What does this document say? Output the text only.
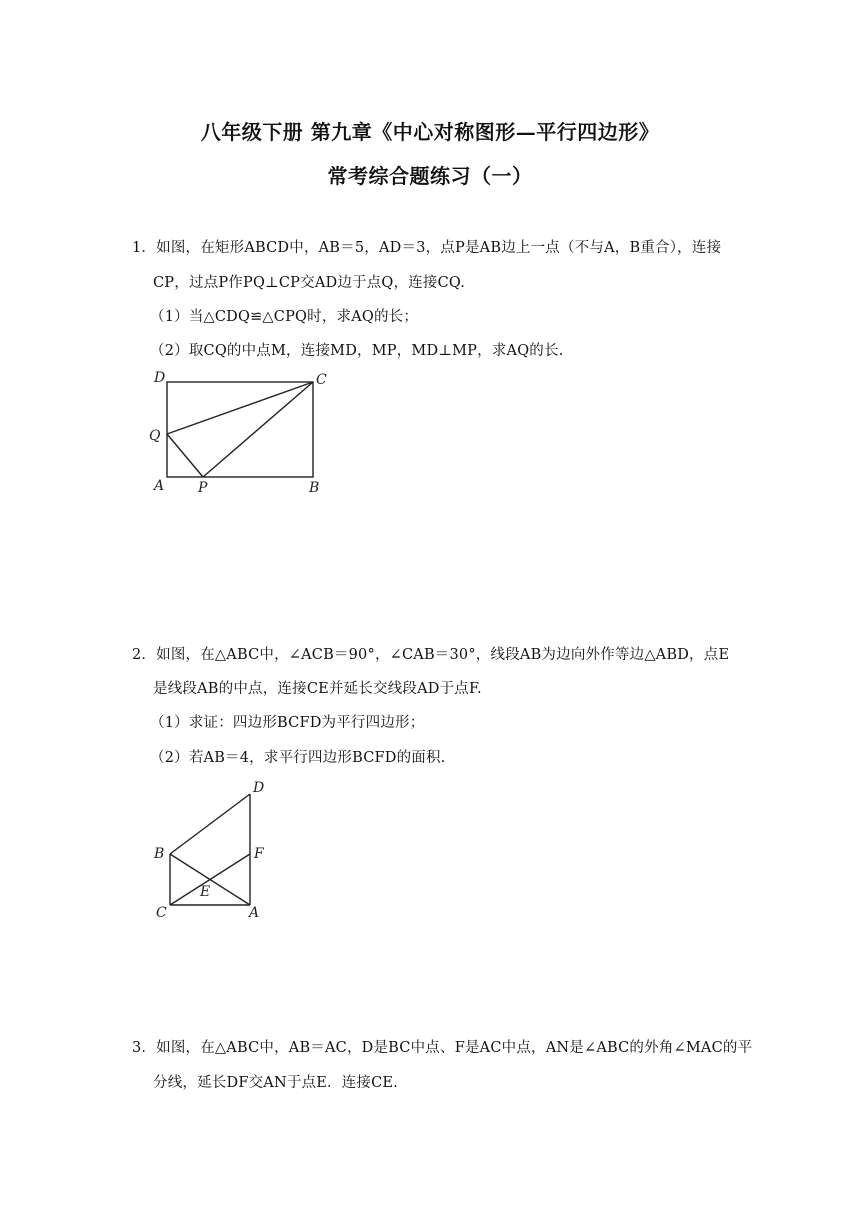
八年级下册 第九章《中心对称图形—平行四边形》
常考综合题练习（一）
1．如图，在矩形ABCD中，AB＝5，AD＝3，点P是AB边上一点（不与A，B重合），连接
CP，过点P作PQ⊥CP交AD边于点Q，连接CQ.
（1）当△CDQ≌△CPQ时，求AQ的长；
（2）取CQ的中点M，连接MD，MP，MD⊥MP，求AQ的长.
D	C
Q
A P	B
2．如图，在△ABC中，∠ACB＝90°，∠CAB＝30°，线段AB为边向外作等边△ABD，点E
是线段AB的中点，连接CE并延长交线段AD于点F.
（1）求证：四边形BCFD为平行四边形；
（2）若AB＝4，求平行四边形BCFD的面积.
D
B	F
E
C	A
3．如图，在△ABC中，AB＝AC，D是BC中点、F是AC中点，AN是∠ABC的外角∠MAC的平
分线，延长DF交AN于点E．连接CE.
